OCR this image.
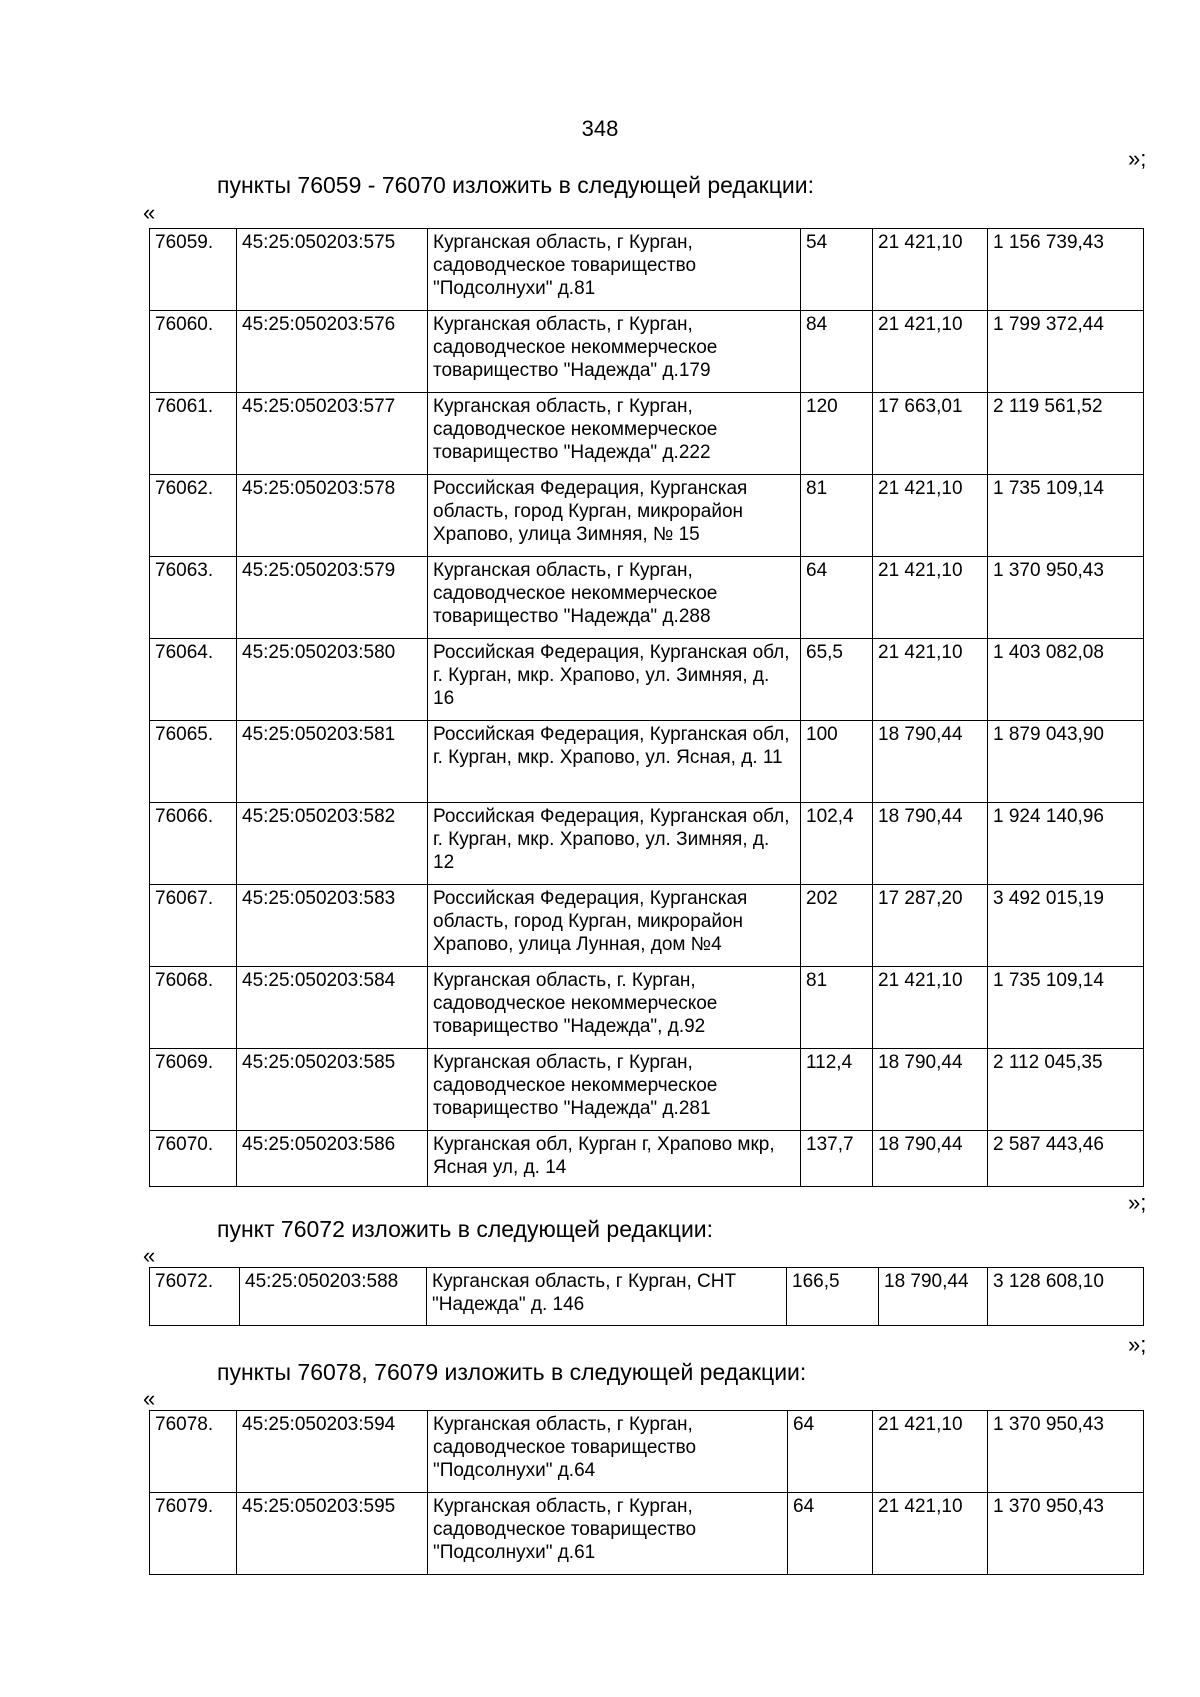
348
»;
пункты 76059 - 76070 изложить в следующей редакции:
«
76059.	45:25:050203:575	Курганская область, г Курган, садоводческое товарищество "Подсолнухи" д.81	54	21 421,10	1 156 739,43
76060.	45:25:050203:576	Курганская область, г Курган, садоводческое некоммерческое товарищество "Надежда" д.179	84	21 421,10	1 799 372,44
76061.	45:25:050203:577	Курганская область, г Курган, садоводческое некоммерческое товарищество "Надежда" д.222	120	17 663,01	2 119 561,52
76062.	45:25:050203:578	Российская Федерация, Курганская область, город Курган, микрорайон Храпово, улица Зимняя, № 15	81	21 421,10	1 735 109,14
76063.	45:25:050203:579	Курганская область, г Курган, садоводческое некоммерческое товарищество "Надежда" д.288	64	21 421,10	1 370 950,43
76064.	45:25:050203:580	Российская Федерация, Курганская обл, г. Курган, мкр. Храпово, ул. Зимняя, д. 16	65,5	21 421,10	1 403 082,08
76065.	45:25:050203:581	Российская Федерация, Курганская обл, г. Курган, мкр. Храпово, ул. Ясная, д. 11	100	18 790,44	1 879 043,90
76066.	45:25:050203:582	Российская Федерация, Курганская обл, г. Курган, мкр. Храпово, ул. Зимняя, д. 12	102,4	18 790,44	1 924 140,96
76067.	45:25:050203:583	Российская Федерация, Курганская область, город Курган, микрорайон Храпово, улица Лунная, дом №4	202	17 287,20	3 492 015,19
76068.	45:25:050203:584	Курганская область, г. Курган, садоводческое некоммерческое товарищество "Надежда", д.92	81	21 421,10	1 735 109,14
76069.	45:25:050203:585	Курганская область, г Курган, садоводческое некоммерческое товарищество "Надежда" д.281	112,4	18 790,44	2 112 045,35
76070.	45:25:050203:586	Курганская обл, Курган г, Храпово мкр, Ясная ул, д. 14	137,7	18 790,44	2 587 443,46
»;
пункт 76072 изложить в следующей редакции:
«
76072.	45:25:050203:588	Курганская область, г Курган, СНТ "Надежда" д. 146	166,5	18 790,44	3 128 608,10
»;
пункты 76078, 76079 изложить в следующей редакции:
«
76078.	45:25:050203:594	Курганская область, г Курган, садоводческое товарищество "Подсолнухи" д.64	64	21 421,10	1 370 950,43
76079.	45:25:050203:595	Курганская область, г Курган, садоводческое товарищество "Подсолнухи" д.61	64	21 421,10	1 370 950,43
